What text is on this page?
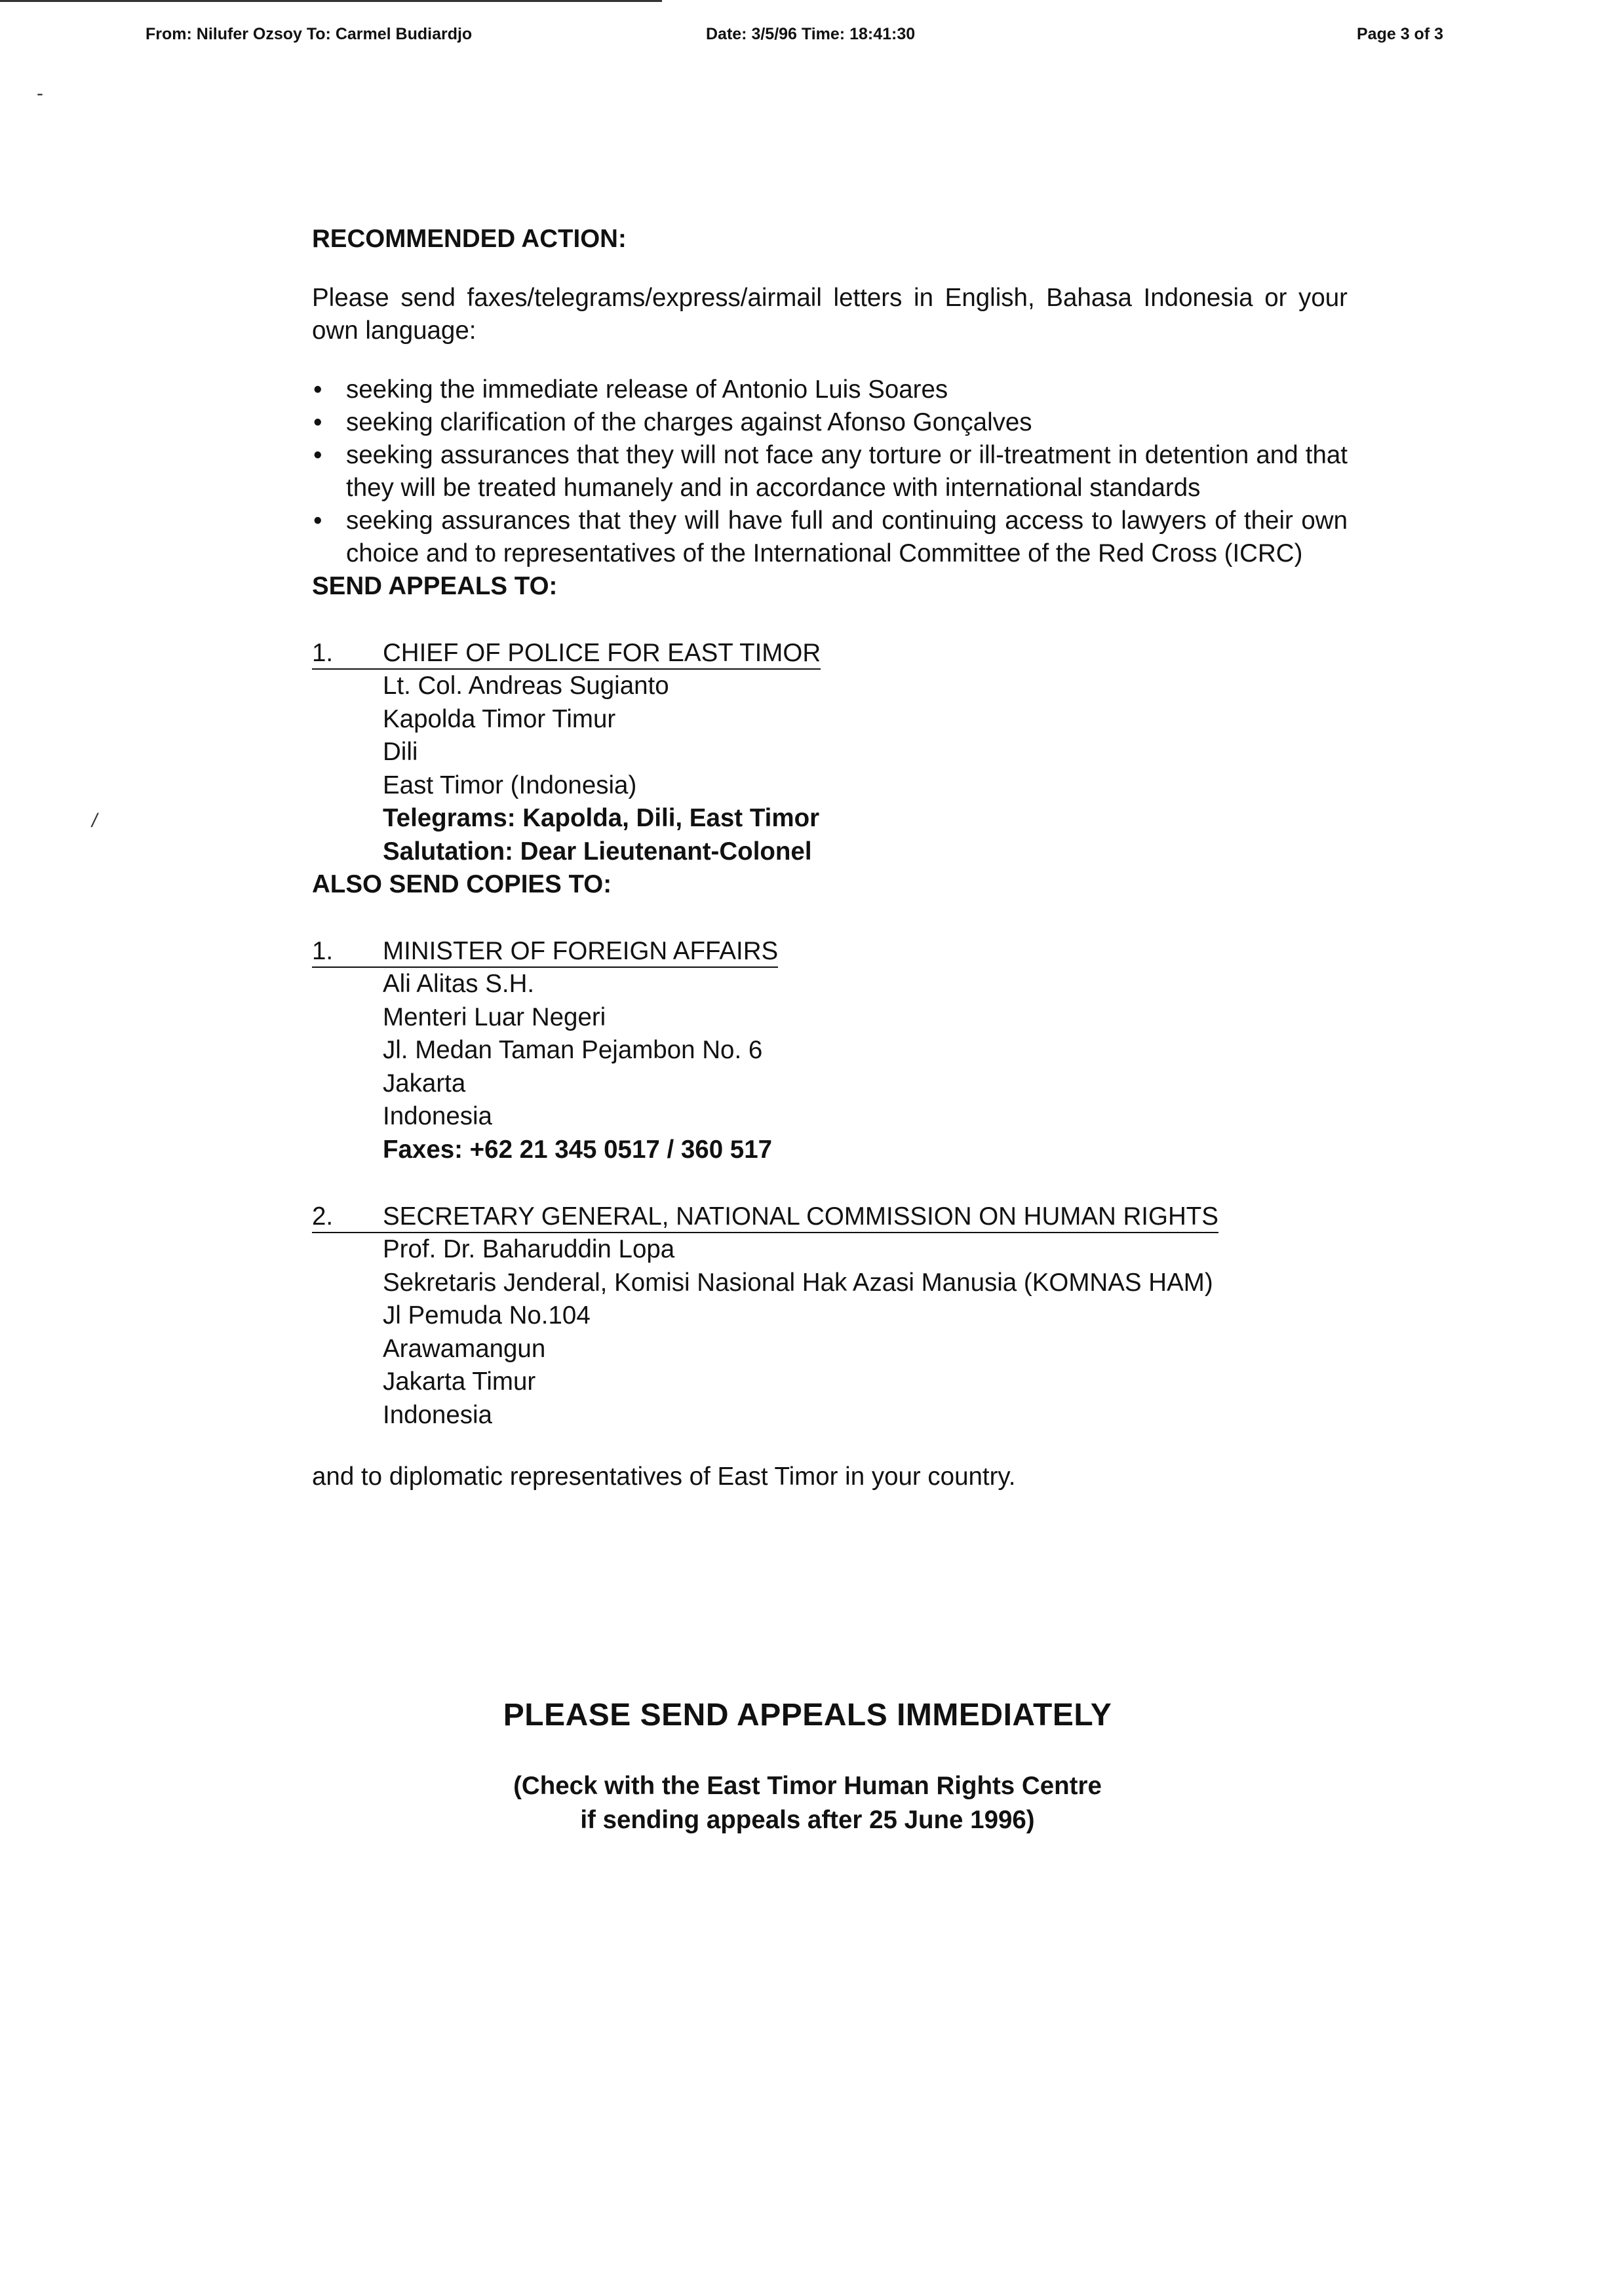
From: Nilufer Ozsoy To: Carmel Budiardjo	Date: 3/5/96 Time: 18:41:30	Page 3 of 3
-
/
RECOMMENDED ACTION:

Please send faxes/telegrams/express/airmail letters in English, Bahasa Indonesia or your own language:

• seeking the immediate release of Antonio Luis Soares
• seeking clarification of the charges against Afonso Gonçalves
• seeking assurances that they will not face any torture or ill-treatment in detention and that they will be treated humanely and in accordance with international standards
• seeking assurances that they will have full and continuing access to lawyers of their own choice and to representatives of the International Committee of the Red Cross (ICRC)
SEND APPEALS TO:
1. CHIEF OF POLICE FOR EAST TIMOR
Lt. Col. Andreas Sugianto
Kapolda Timor Timur
Dili
East Timor (Indonesia)
Telegrams: Kapolda, Dili, East Timor
Salutation: Dear Lieutenant-Colonel
ALSO SEND COPIES TO:
1. MINISTER OF FOREIGN AFFAIRS
Ali Alitas S.H.
Menteri Luar Negeri
Jl. Medan Taman Pejambon No. 6
Jakarta
Indonesia
Faxes: +62 21 345 0517 / 360 517
2. SECRETARY GENERAL, NATIONAL COMMISSION ON HUMAN RIGHTS
Prof. Dr. Baharuddin Lopa
Sekretaris Jenderal, Komisi Nasional Hak Azasi Manusia (KOMNAS HAM)
Jl Pemuda No.104
Arawamangun
Jakarta Timur
Indonesia
and to diplomatic representatives of East Timor in your country.
PLEASE SEND APPEALS IMMEDIATELY
(Check with the East Timor Human Rights Centre
if sending appeals after 25 June 1996)
